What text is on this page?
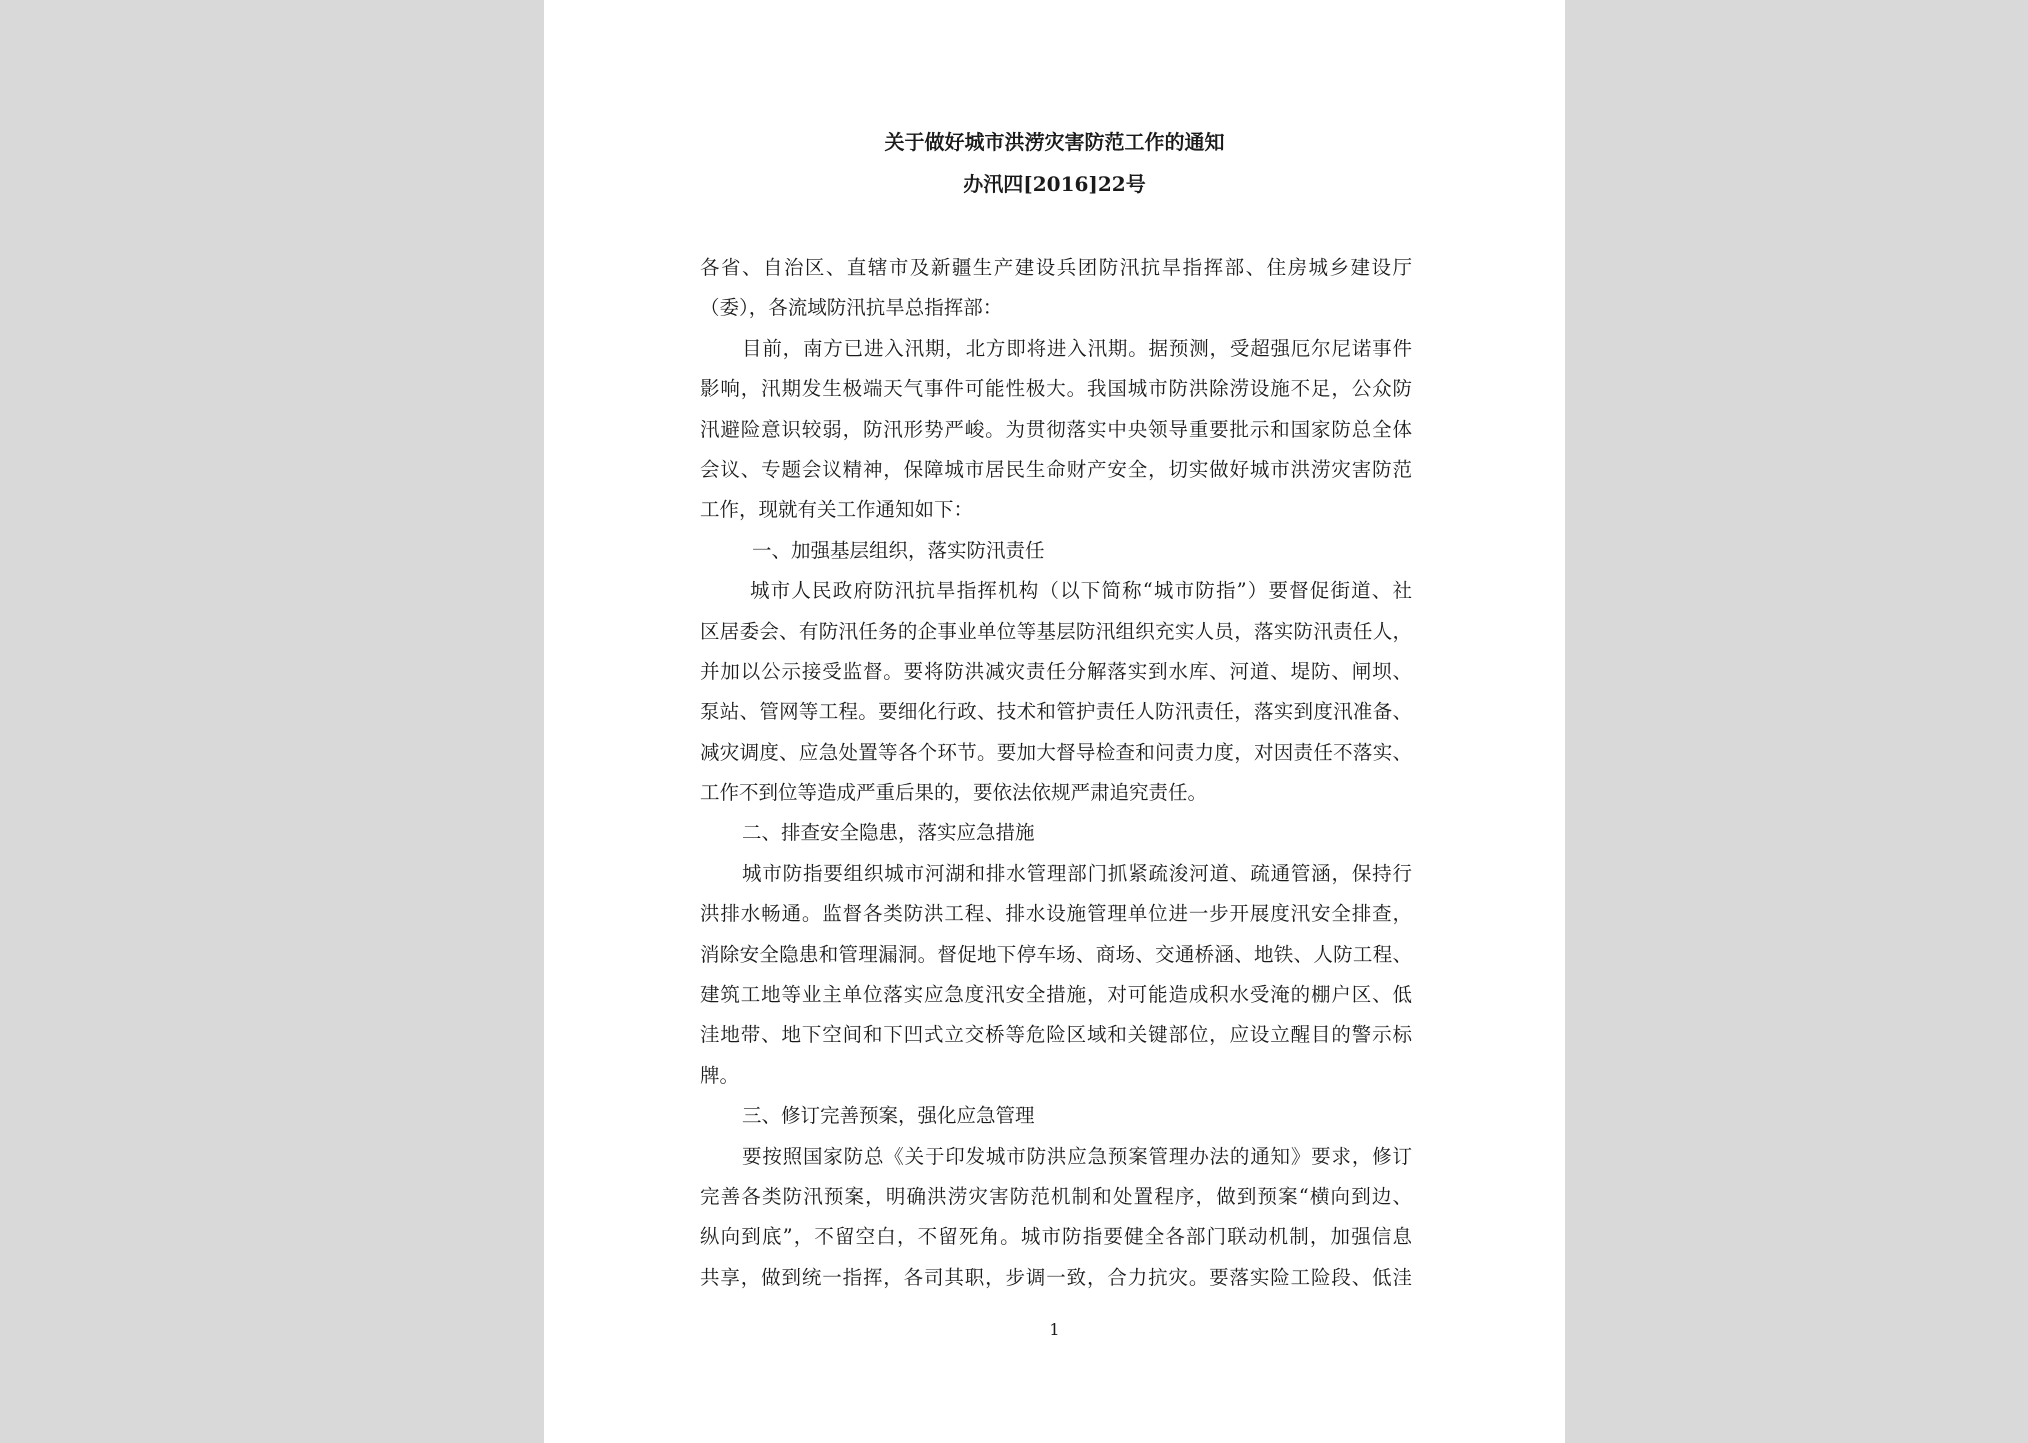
关于做好城市洪涝灾害防范工作的通知
办汛四[2016]22号
各省、自治区、直辖市及新疆生产建设兵团防汛抗旱指挥部、住房城乡建设厅
（委），各流域防汛抗旱总指挥部：
目前，南方已进入汛期，北方即将进入汛期。据预测，受超强厄尔尼诺事件
影响，汛期发生极端天气事件可能性极大。我国城市防洪除涝设施不足，公众防
汛避险意识较弱，防汛形势严峻。为贯彻落实中央领导重要批示和国家防总全体
会议、专题会议精神，保障城市居民生命财产安全，切实做好城市洪涝灾害防范
工作，现就有关工作通知如下：
一、加强基层组织，落实防汛责任
城市人民政府防汛抗旱指挥机构（以下简称“城市防指”）要督促街道、社
区居委会、有防汛任务的企事业单位等基层防汛组织充实人员，落实防汛责任人，
并加以公示接受监督。要将防洪减灾责任分解落实到水库、河道、堤防、闸坝、
泵站、管网等工程。要细化行政、技术和管护责任人防汛责任，落实到度汛准备、
减灾调度、应急处置等各个环节。要加大督导检查和问责力度，对因责任不落实、
工作不到位等造成严重后果的，要依法依规严肃追究责任。
二、排查安全隐患，落实应急措施
城市防指要组织城市河湖和排水管理部门抓紧疏浚河道、疏通管涵，保持行
洪排水畅通。监督各类防洪工程、排水设施管理单位进一步开展度汛安全排查，
消除安全隐患和管理漏洞。督促地下停车场、商场、交通桥涵、地铁、人防工程、
建筑工地等业主单位落实应急度汛安全措施，对可能造成积水受淹的棚户区、低
洼地带、地下空间和下凹式立交桥等危险区域和关键部位，应设立醒目的警示标
牌。
三、修订完善预案，强化应急管理
要按照国家防总《关于印发城市防洪应急预案管理办法的通知》要求，修订
完善各类防汛预案，明确洪涝灾害防范机制和处置程序，做到预案“横向到边、
纵向到底”，不留空白，不留死角。城市防指要健全各部门联动机制，加强信息
共享，做到统一指挥，各司其职，步调一致，合力抗灾。要落实险工险段、低洼
1
